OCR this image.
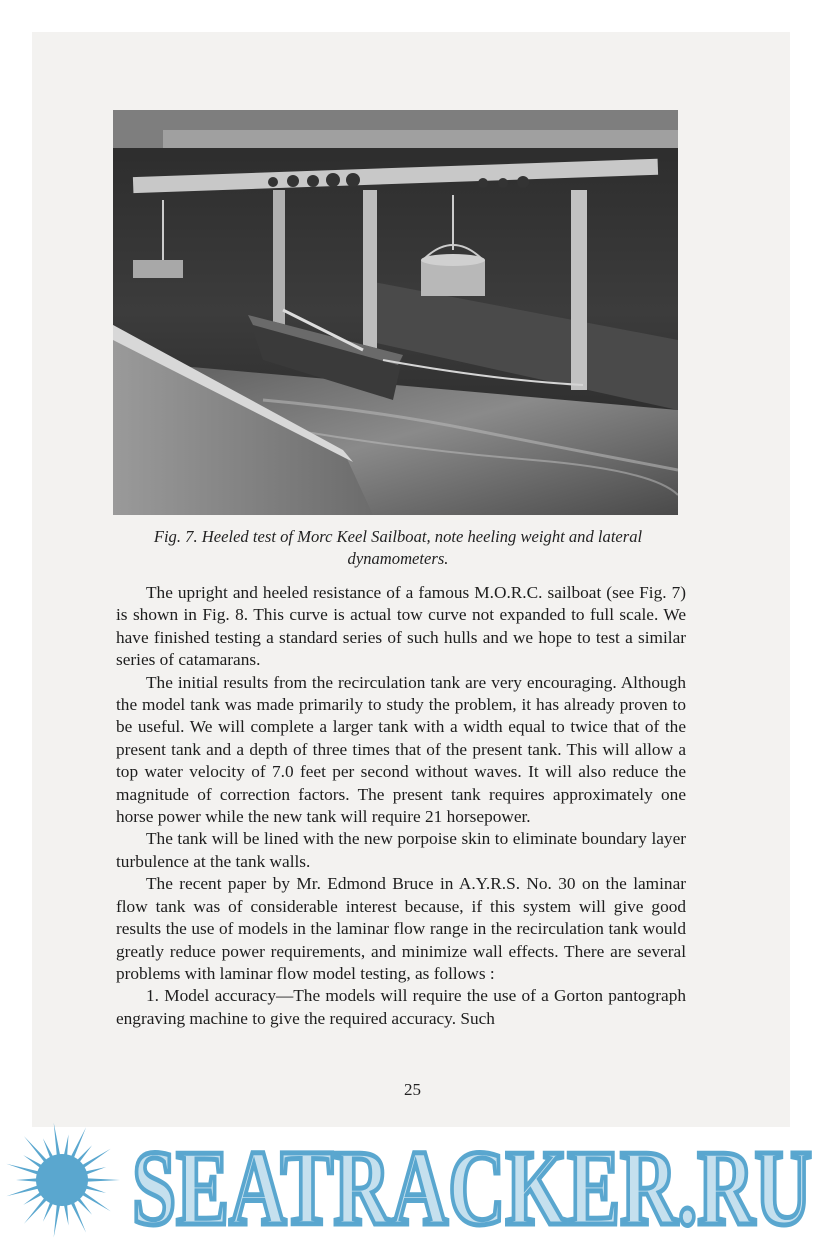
Fig. 7. Heeled test of Morc Keel Sailboat, note heeling weight and lateral dynamometers.

The upright and heeled resistance of a famous M.O.R.C. sailboat (see Fig. 7) is shown in Fig. 8. This curve is actual tow curve not expanded to full scale. We have finished testing a standard series of such hulls and we hope to test a similar series of catamarans.

The initial results from the recirculation tank are very encouraging. Although the model tank was made primarily to study the problem, it has already proven to be useful. We will complete a larger tank with a width equal to twice that of the present tank and a depth of three times that of the present tank. This will allow a top water velocity of 7.0 feet per second without waves. It will also reduce the magnitude of correction factors. The present tank requires approximately one horse power while the new tank will require 21 horsepower.

The tank will be lined with the new porpoise skin to eliminate boundary layer turbulence at the tank walls.

The recent paper by Mr. Edmond Bruce in A.Y.R.S. No. 30 on the laminar flow tank was of considerable interest because, if this system will give good results the use of models in the laminar flow range in the recirculation tank would greatly reduce power requirements, and minimize wall effects. There are several problems with laminar flow model testing, as follows :

1. Model accuracy—The models will require the use of a Gorton pantograph engraving machine to give the required accuracy. Such

25
SEATRACKER.RU
SEATRACKER.RU
